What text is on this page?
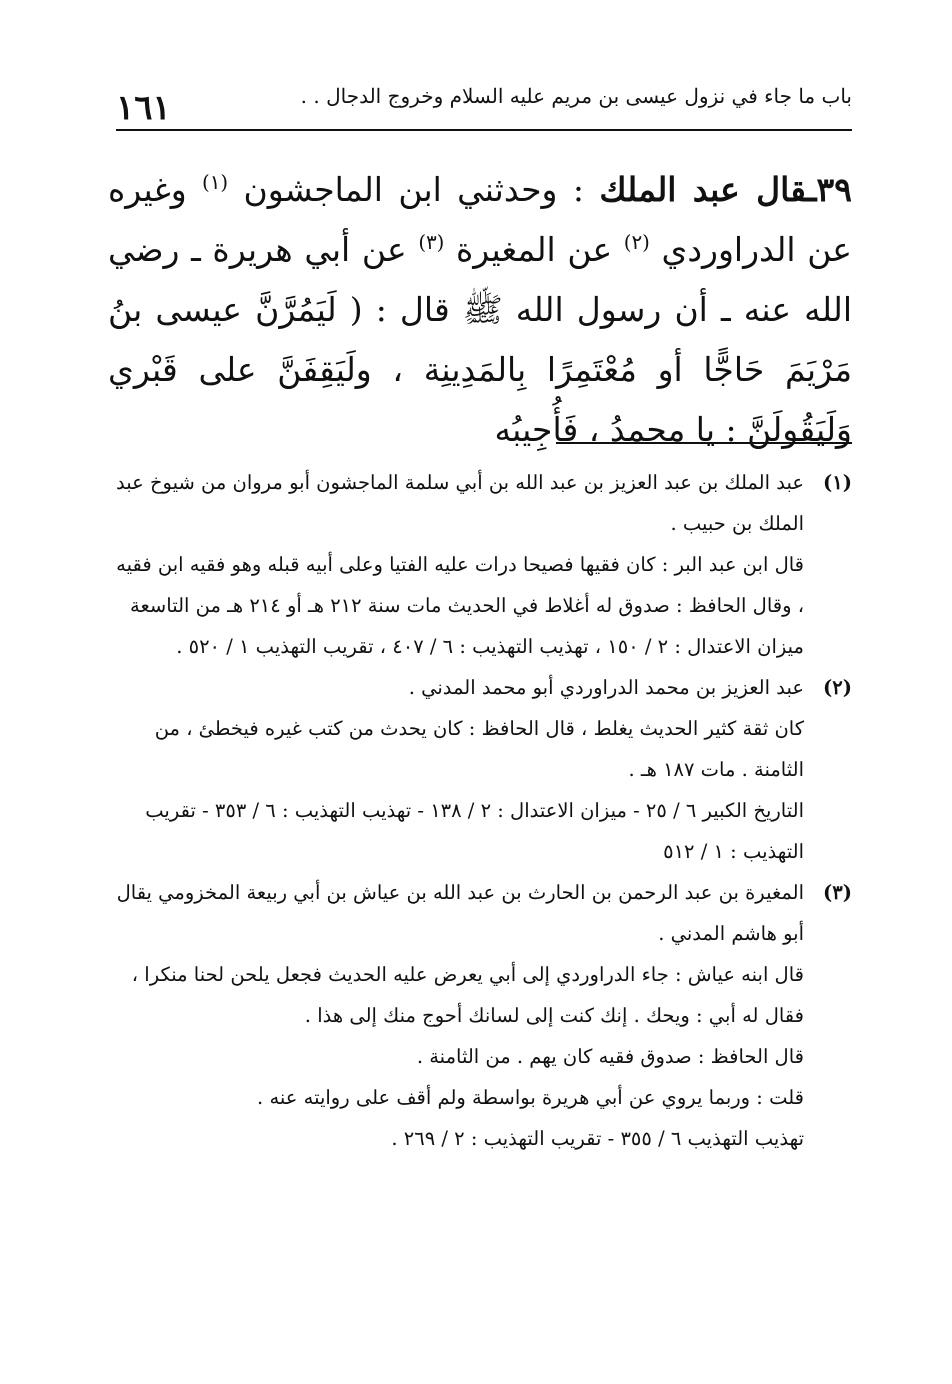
باب ما جاء في نزول عيسى بن مريم عليه السلام وخروج الدجال . .
١٦١
٣٩ـقال عبد الملك : وحدثني ابن الماجشون $^{(١)}$ وغيره عن الدراوردي $^{(٢)}$ عن المغيرة $^{(٣)}$ عن أبي هريرة ـ رضي الله عنه ـ أن رسول الله ﷺ قال : ( لَيَمُرَّنَّ عيسى بنُ مَرْيَمَ حَاجًّا أو مُعْتَمِرًا بِالمَدِينِة ، ولَيَقِفَنَّ على قَبْري وَلَيَقُولَنَّ : يا محمدُ ، فَأُجِيبُه
(١)

عبد الملك بن عبد العزيز بن عبد الله بن أبي سلمة الماجشون أبو مروان من شيوخ عبد الملك بن حبيب .

قال ابن عبد البر : كان فقيها فصيحا درات عليه الفتيا وعلى أبيه قبله وهو فقيه ابن فقيه ، وقال الحافظ : صدوق له أغلاط في الحديث مات سنة ٢١٢ هـ أو ٢١٤ هـ من التاسعة

ميزان الاعتدال : ٢ / ١٥٠ ، تهذيب التهذيب : ٦ / ٤٠٧ ، تقريب التهذيب ١ / ٥٢٠ .

(٢)

عبد العزيز بن محمد الدراوردي أبو محمد المدني .

كان ثقة كثير الحديث يغلط ، قال الحافظ : كان يحدث من كتب غيره فيخطئ ، من الثامنة . مات ١٨٧ هـ .

التاريخ الكبير ٦ / ٢٥ - ميزان الاعتدال : ٢ / ١٣٨ - تهذيب التهذيب : ٦ / ٣٥٣ - تقريب التهذيب : ١ / ٥١٢

(٣)

المغيرة بن عبد الرحمن بن الحارث بن عبد الله بن عياش بن أبي ربيعة المخزومي يقال أبو هاشم المدني .

قال ابنه عياش : جاء الدراوردي إلى أبي يعرض عليه الحديث فجعل يلحن لحنا منكرا ، فقال له أبي : ويحك . إنك كنت إلى لسانك أحوج منك إلى هذا .

قال الحافظ : صدوق فقيه كان يهم . من الثامنة .

قلت : وربما يروي عن أبي هريرة بواسطة ولم أقف على روايته عنه .

تهذيب التهذيب ٦ / ٣٥٥ - تقريب التهذيب : ٢ / ٢٦٩ .
